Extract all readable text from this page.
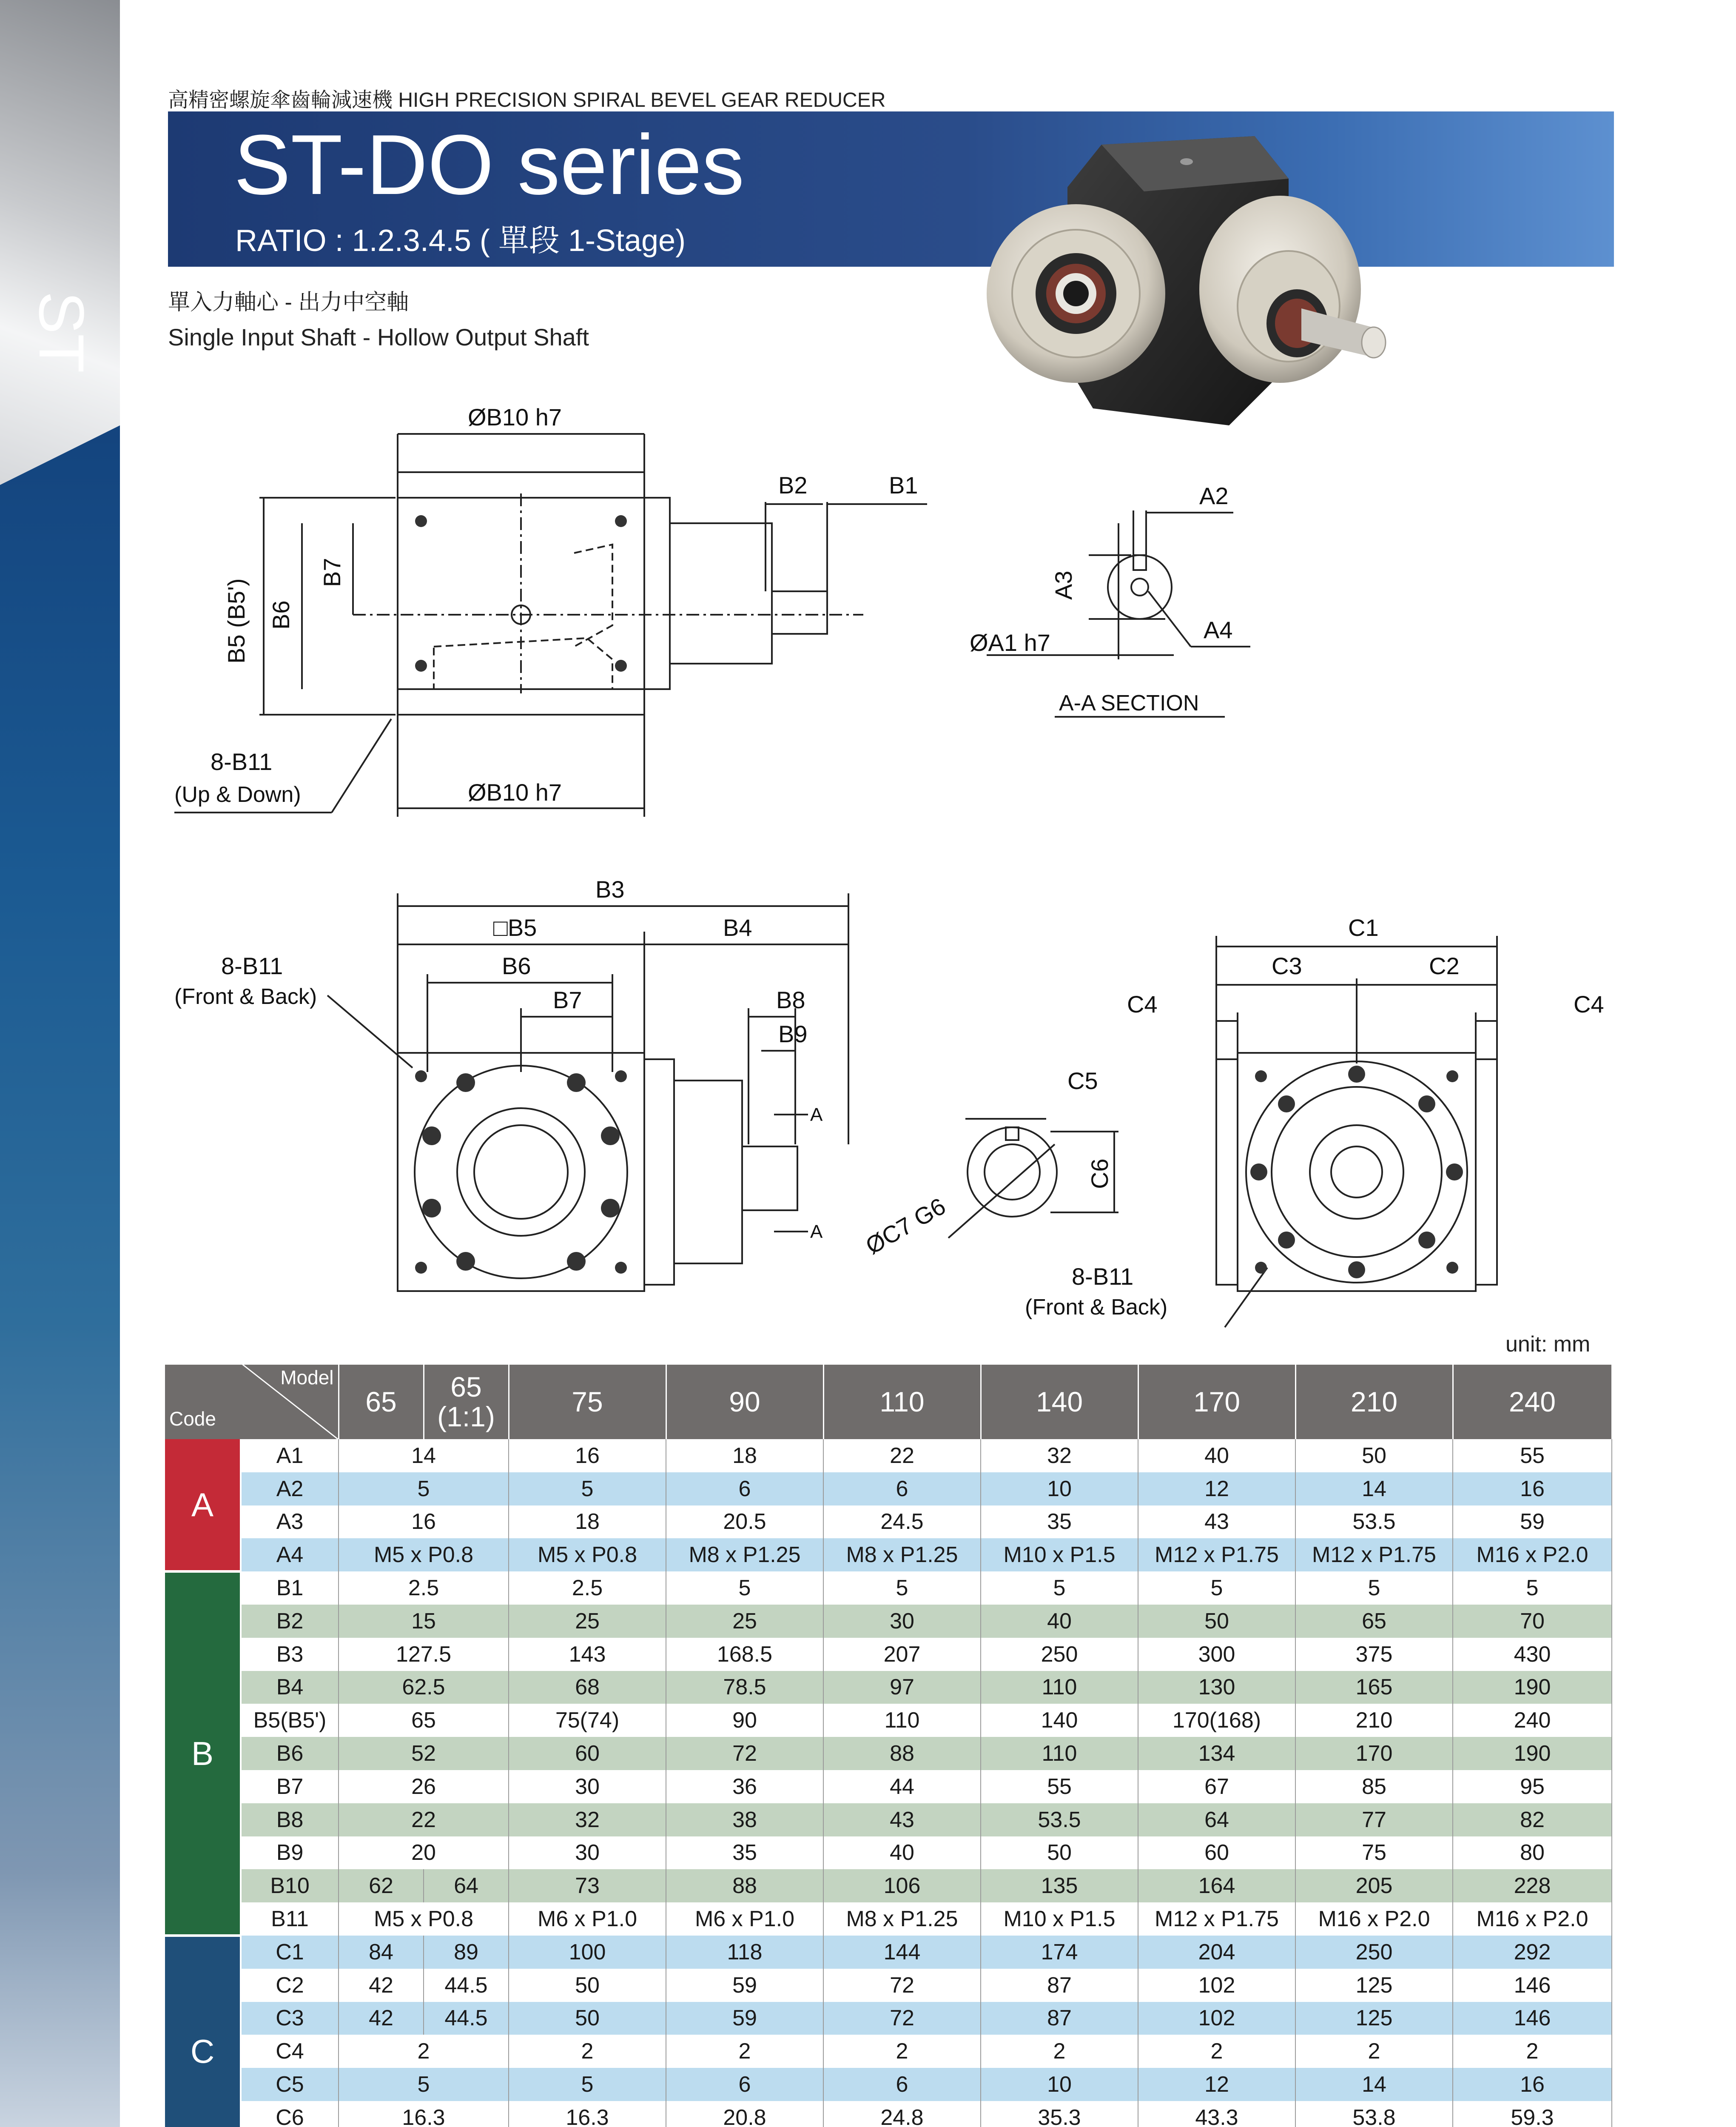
ST
高精密螺旋傘齒輪減速機 HIGH PRECISION SPIRAL BEVEL GEAR REDUCER
ST-DO series
RATIO : 1.2.3.4.5 ( 單段 1-Stage)
單入力軸心 - 出力中空軸
Single Input Shaft - Hollow Output Shaft
ØB10 h7
ØB10 h7
B2	B1
B5 (B5') B6
B7
8-B11
(Up & Down)
A2
A3
A4
ØA1 h7
A-A SECTION
B3
□B5	B4
B6
B7	B8
B9
8-B11
(Front & Back)
A
A
C5
C6
ØC7 G6
C1
C3	C2
C4	C4
8-B11
(Front & Back)
unit: mm
Model
Code		65	65
(1:1)	75	90	110	140	170	210	240
A	A1	14		16	18	22	32	40	50	55
	A2	5		5	6	6	10	12	14	16
	A3	16		18	20.5	24.5	35	43	53.5	59
	A4	M5 x P0.8		M5 x P0.8	M8 x P1.25	M8 x P1.25	M10 x P1.5	M12 x P1.75	M12 x P1.75	M16 x P2.0
B	B1	2.5		2.5	5	5	5	5	5	5
	B2	15		25	25	30	40	50	65	70
	B3	127.5		143	168.5	207	250	300	375	430
	B4	62.5		68	78.5	97	110	130	165	190
	B5(B5')	65		75(74)	90	110	140	170(168)	210	240
	B6	52		60	72	88	110	134	170	190
	B7	26		30	36	44	55	67	85	95
	B8	22		32	38	43	53.5	64	77	82
	B9	20		30	35	40	50	60	75	80
	B10	62	64	73	88	106	135	164	205	228
	B11	M5 x P0.8		M6 x P1.0	M6 x P1.0	M8 x P1.25	M10 x P1.5	M12 x P1.75	M16 x P2.0	M16 x P2.0
C	C1	84	89	100	118	144	174	204	250	292
	C2	42	44.5	50	59	72	87	102	125	146
	C3	42	44.5	50	59	72	87	102	125	146
	C4	2		2	2	2	2	2	2	2
	C5	5		5	6	6	10	12	14	16
	C6	16.3		16.3	20.8	24.8	35.3	43.3	53.8	59.3
